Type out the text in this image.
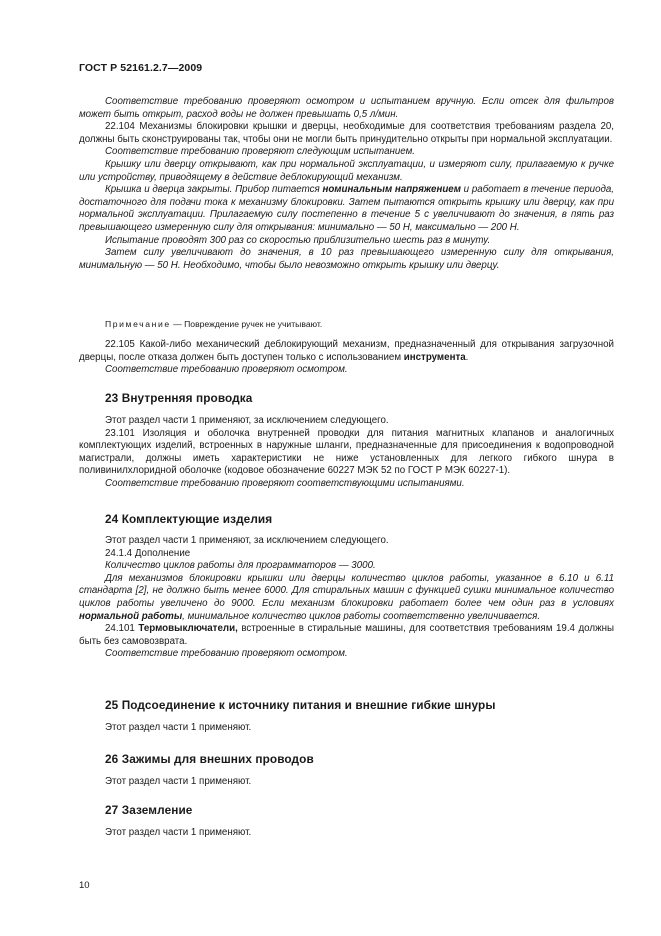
ГОСТ Р 52161.2.7—2009

Соответствие требованию проверяют осмотром и испытанием вручную. Если отсек для фильтров может быть открыт, расход воды не должен превышать 0,5 л/мин.

22.104 Механизмы блокировки крышки и дверцы, необходимые для соответствия требованиям раздела 20, должны быть сконструированы так, чтобы они не могли быть принудительно открыты при нормальной эксплуатации.

Соответствие требованию проверяют следующим испытанием.

Крышку или дверцу открывают, как при нормальной эксплуатации, и измеряют силу, прилагаемую к ручке или устройству, приводящему в действие деблокирующий механизм.

Крышка и дверца закрыты. Прибор питается номинальным напряжением и работает в течение периода, достаточного для подачи тока к механизму блокировки. Затем пытаются открыть крышку или дверцу, как при нормальной эксплуатации. Прилагаемую силу постепенно в течение 5 с увеличивают до значения, в пять раз превышающего измеренную силу для открывания: минимально — 50 Н, максимально — 200 Н.

Испытание проводят 300 раз со скоростью приблизительно шесть раз в минуту.

Затем силу увеличивают до значения, в 10 раз превышающего измеренную силу для открывания, минимальную — 50 Н. Необходимо, чтобы было невозможно открыть крышку или дверцу.

Примечание — Повреждение ручек не учитывают.

22.105 Какой-либо механический деблокирующий механизм, предназначенный для открывания загрузочной дверцы, после отказа должен быть доступен только с использованием инструмента.

Соответствие требованию проверяют осмотром.

23 Внутренняя проводка

Этот раздел части 1 применяют, за исключением следующего.

23.101 Изоляция и оболочка внутренней проводки для питания магнитных клапанов и аналогичных комплектующих изделий, встроенных в наружные шланги, предназначенные для присоединения к водопроводной магистрали, должны иметь характеристики не ниже установленных для легкого гибкого шнура в поливинилхлоридной оболочке (кодовое обозначение 60227 МЭК 52 по ГОСТ Р МЭК 60227-1).

Соответствие требованию проверяют соответствующими испытаниями.

24 Комплектующие изделия

Этот раздел части 1 применяют, за исключением следующего.

24.1.4 Дополнение

Количество циклов работы для программаторов — 3000.

Для механизмов блокировки крышки или дверцы количество циклов работы, указанное в 6.10 и 6.11 стандарта [2], не должно быть менее 6000. Для стиральных машин с функцией сушки минимальное количество циклов работы увеличено до 9000. Если механизм блокировки работает более чем один раз в условиях нормальной работы, минимальное количество циклов работы соответственно увеличивается.

24.101 Термовыключатели, встроенные в стиральные машины, для соответствия требованиям 19.4 должны быть без самовозврата.

Соответствие требованию проверяют осмотром.

25 Подсоединение к источнику питания и внешние гибкие шнуры

Этот раздел части 1 применяют.

26 Зажимы для внешних проводов

Этот раздел части 1 применяют.

27 Заземление

Этот раздел части 1 применяют.

10
